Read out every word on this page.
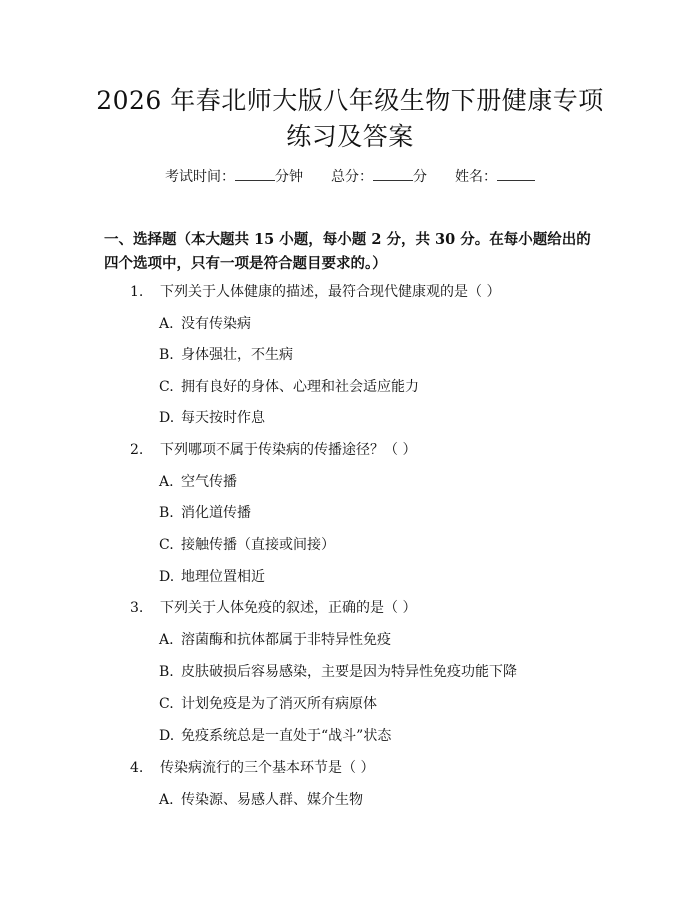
2026 年春北师大版八年级生物下册健康专项
练习及答案
考试时间：	分钟 总分：	分 姓名：
一、选择题（本大题共 15 小题，每小题 2 分，共 30 分。在每小题给出的四个选项中，只有一项是符合题目要求的。）
1. 下列关于人体健康的描述，最符合现代健康观的是（ ）
A. 没有传染病
B. 身体强壮，不生病
C. 拥有良好的身体、心理和社会适应能力
D. 每天按时作息
2. 下列哪项不属于传染病的传播途径？（ ）
A. 空气传播
B. 消化道传播
C. 接触传播（直接或间接）
D. 地理位置相近
3. 下列关于人体免疫的叙述，正确的是（ ）
A. 溶菌酶和抗体都属于非特异性免疫
B. 皮肤破损后容易感染，主要是因为特异性免疫功能下降
C. 计划免疫是为了消灭所有病原体
D. 免疫系统总是一直处于“战斗”状态
4. 传染病流行的三个基本环节是（ ）
A. 传染源、易感人群、媒介生物
